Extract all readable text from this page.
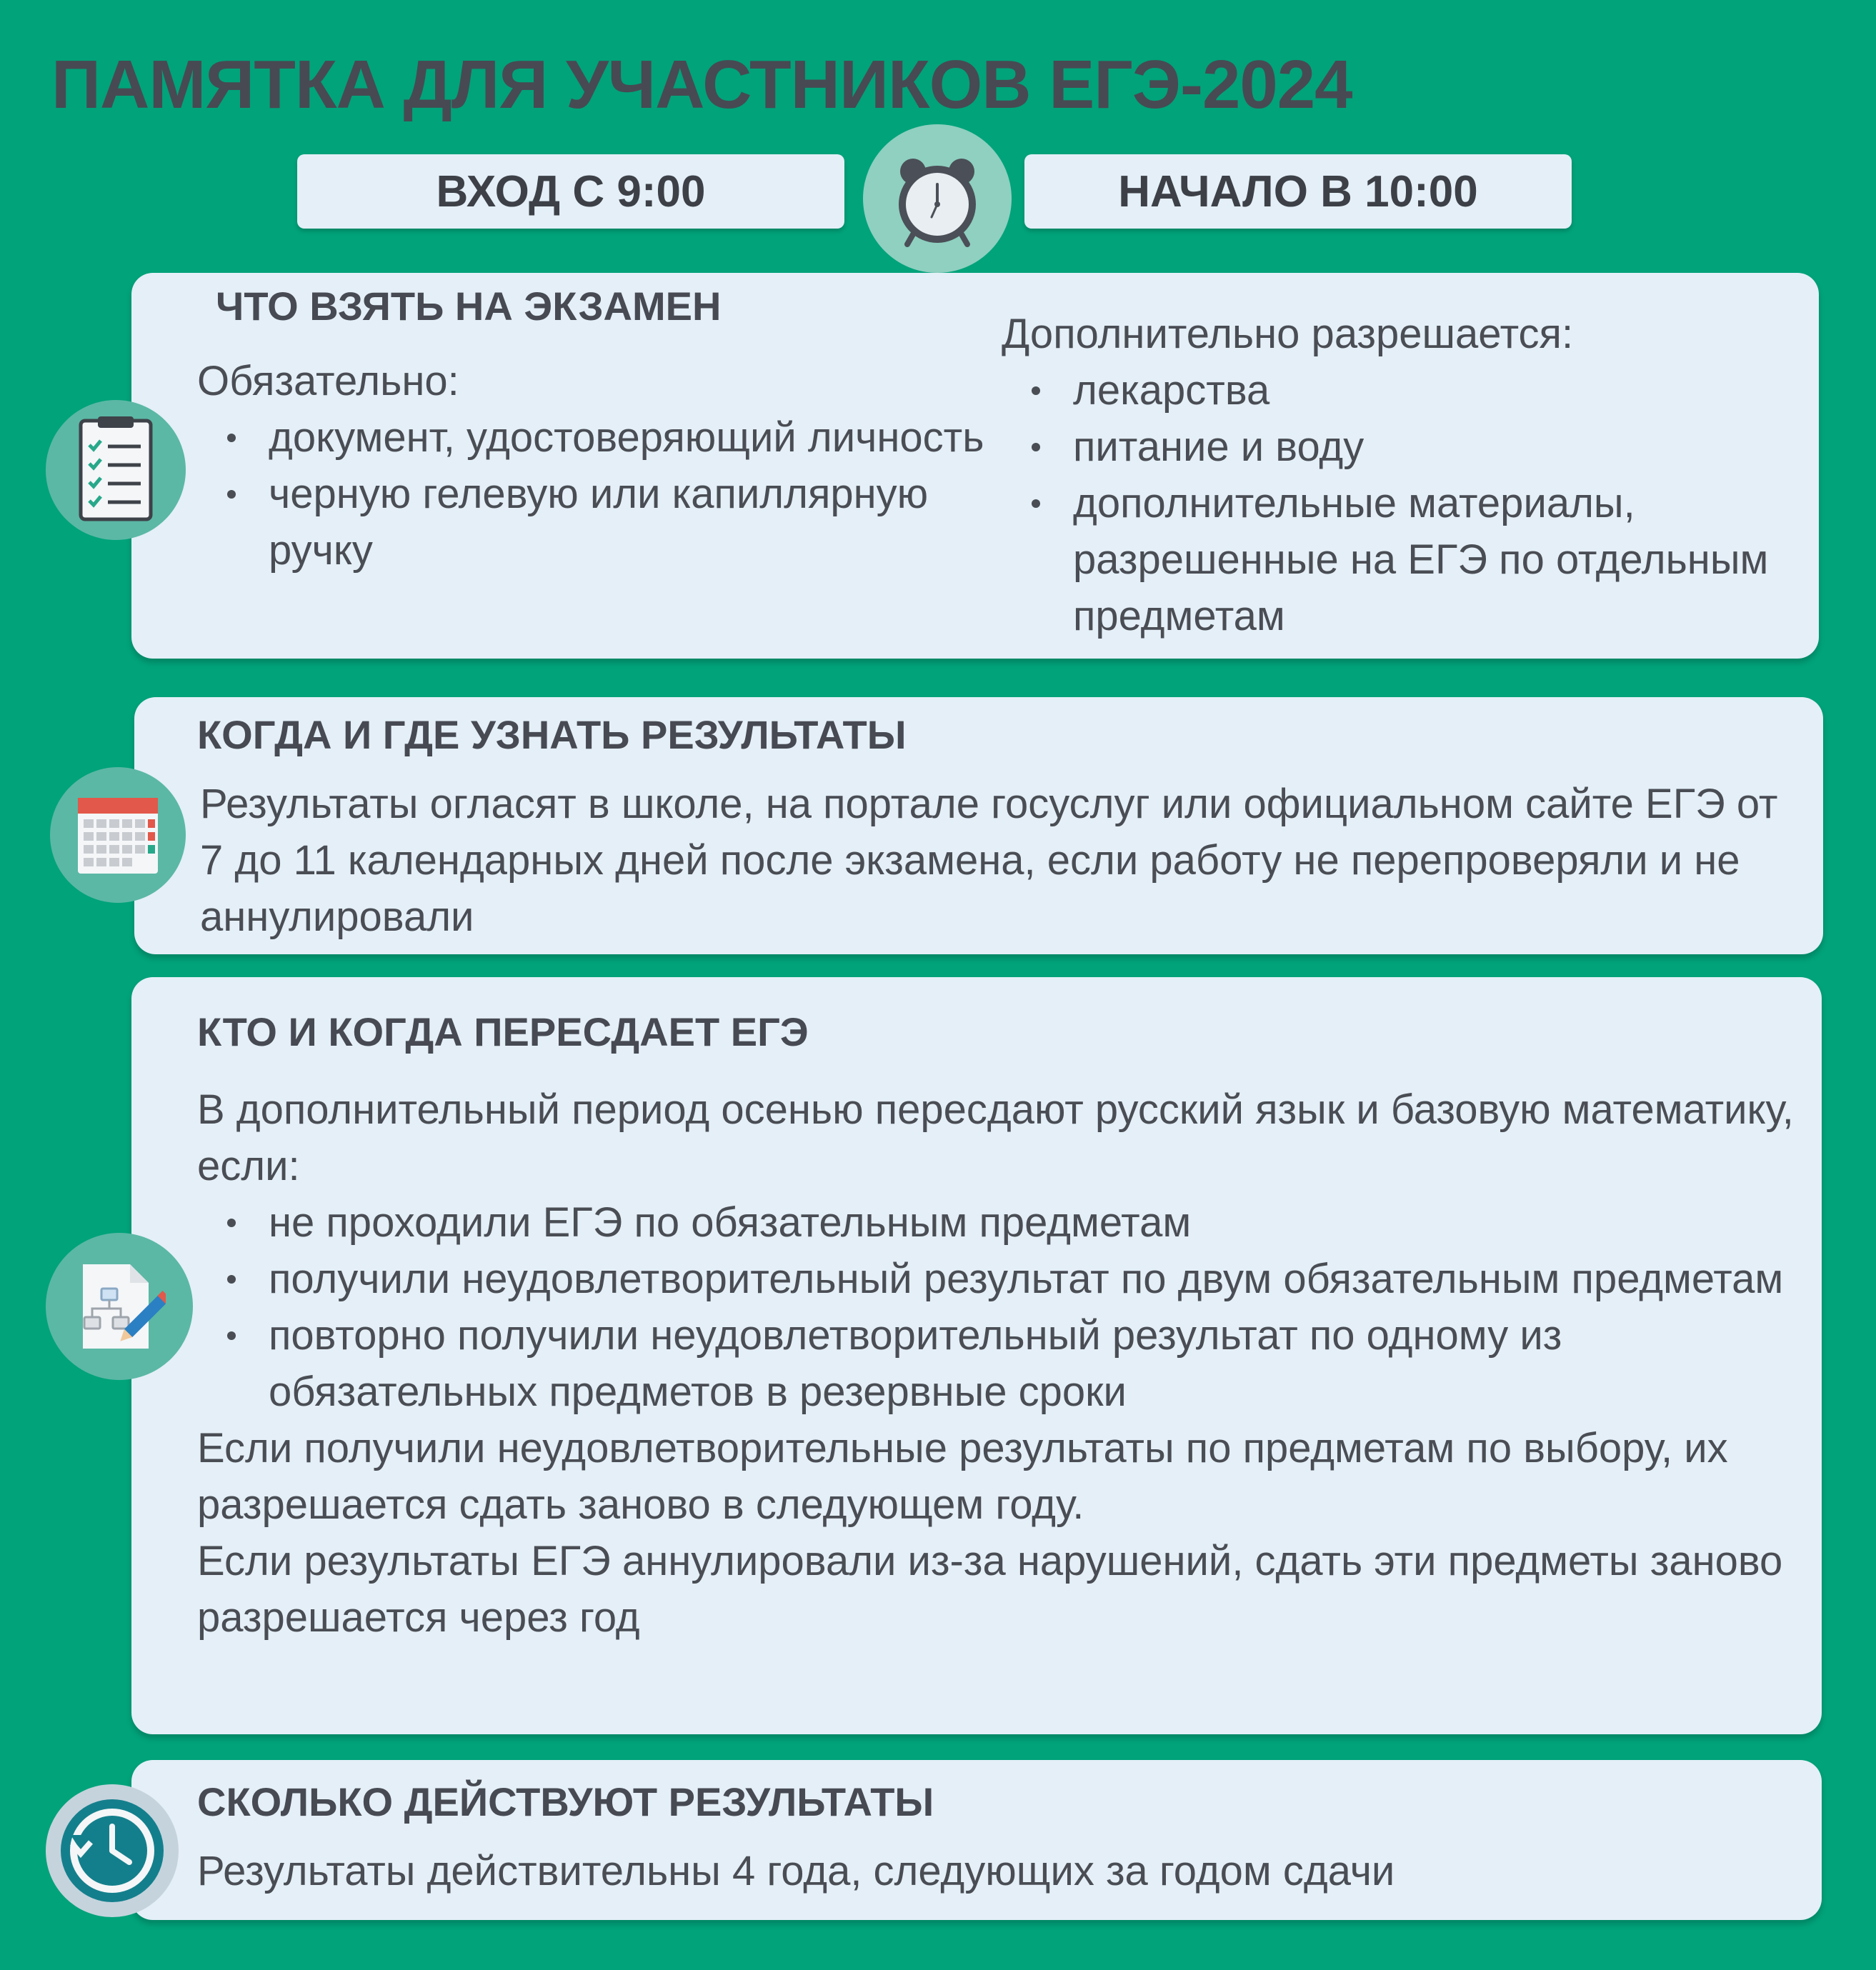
ПАМЯТКА ДЛЯ УЧАСТНИКОВ ЕГЭ-2024
ВХОД С 9:00	НАЧАЛО В 10:00
ЧТО ВЗЯТЬ НА ЭКЗАМЕН
Обязательно:
документ, удостоверяющий личность
черную гелевую или капиллярную ручку
Дополнительно разрешается:
лекарства
питание и воду
дополнительные материалы, разрешенные на ЕГЭ по отдельным предметам
КОГДА И ГДЕ УЗНАТЬ РЕЗУЛЬТАТЫ
Результаты огласят в школе, на портале госуслуг или официальном сайте ЕГЭ от 7 до 11 календарных дней после экзамена, если работу не перепроверяли и не аннулировали
КТО И КОГДА ПЕРЕСДАЕТ ЕГЭ
В дополнительный период осенью пересдают русский язык и базовую математику, если:
не проходили ЕГЭ по обязательным предметам
получили неудовлетворительный результат по двум обязательным предметам
повторно получили неудовлетворительный результат по одному из обязательных предметов в резервные сроки
Если получили неудовлетворительные результаты по предметам по выбору, их разрешается сдать заново в следующем году.
Если результаты ЕГЭ аннулировали из-за нарушений, сдать эти предметы заново разрешается через год
СКОЛЬКО ДЕЙСТВУЮТ РЕЗУЛЬТАТЫ
Результаты действительны 4 года, следующих за годом сдачи
